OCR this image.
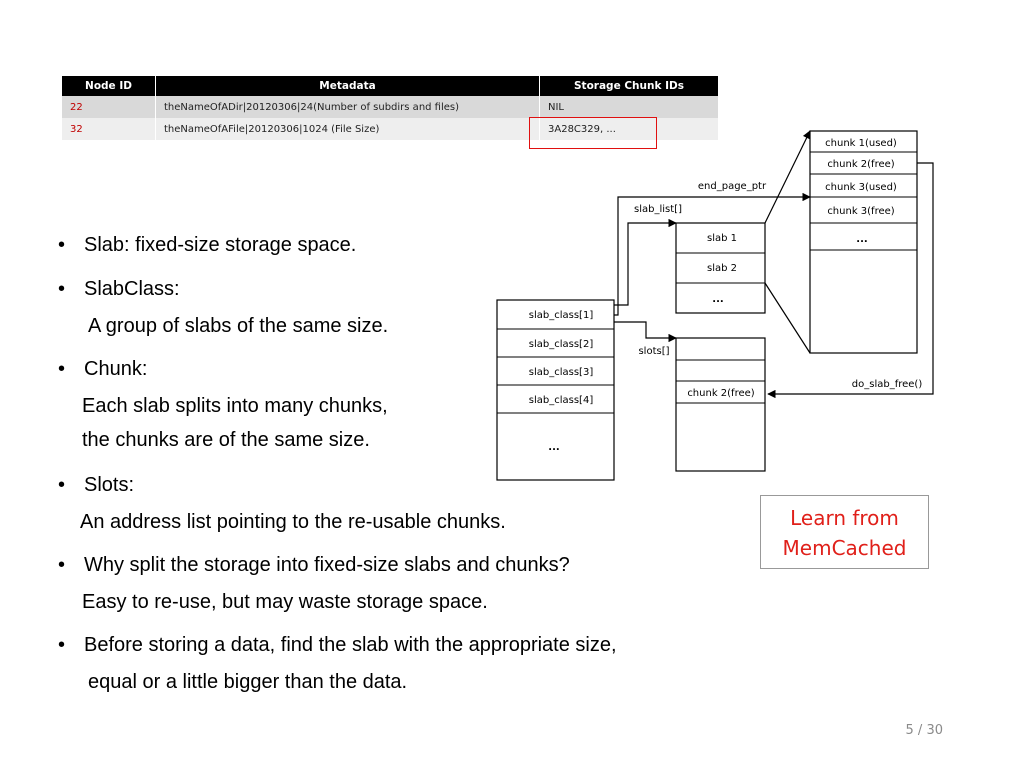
Node ID	Metadata	Storage Chunk IDs
22	theNameOfADir|20120306|24(Number of subdirs and files)	NIL
32	theNameOfAFile|20120306|1024 (File Size)	3A28C329, ...
slab_class[1]
slab_class[2]
slab_class[3]
slab_class[4]
...
slab 1
slab 2
...
chunk 2(free)
chunk 1(used)
chunk 2(free)
chunk 3(used)
chunk 3(free)
...
end_page_ptr
slab_list[]
slots[]
do_slab_free()
• Slab: fixed-size storage space.
• SlabClass:
A group of slabs of the same size.
• Chunk:
Each slab splits into many chunks,
the chunks are of the same size.
• Slots:
An address list pointing to the re-usable chunks.
• Why split the storage into fixed-size slabs and chunks?
Easy to re-use, but may waste storage space.
• Before storing a data, find the slab with the appropriate size,
equal or a little bigger than the data.
Learn from
MemCached
5 / 30
